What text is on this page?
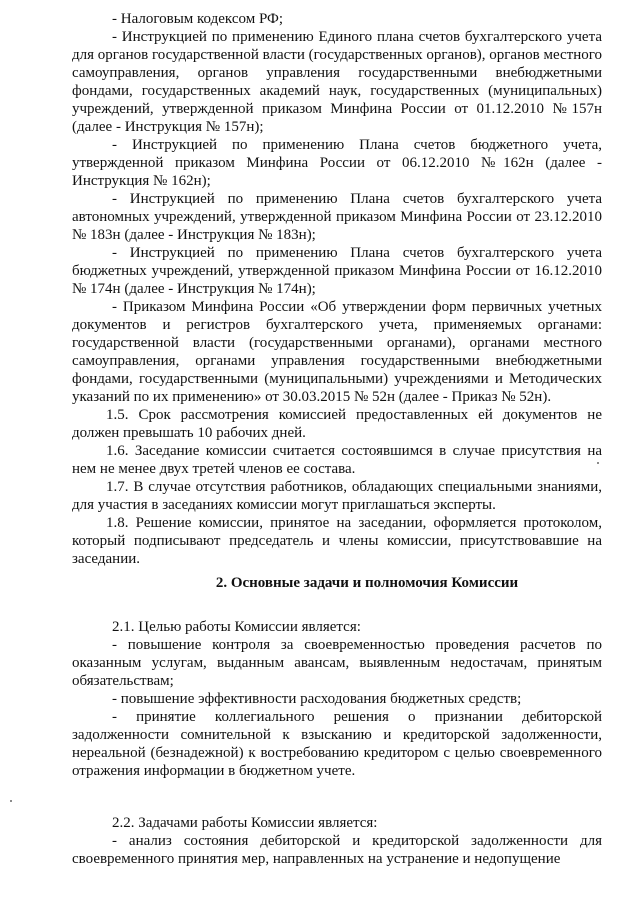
- Налоговым кодексом РФ;

- Инструкцией по применению Единого плана счетов бухгалтерского учета для органов государственной власти (государственных органов), органов местного самоуправления, органов управления государственными внебюджетными фондами, государственных академий наук, государственных (муниципальных) учреждений, утвержденной приказом Минфина России от 01.12.2010 №157н (далее - Инструкция № 157н);

- Инструкцией по применению Плана счетов бюджетного учета, утвержденной приказом Минфина России от 06.12.2010 №162н (далее - Инструкция № 162н);

- Инструкцией по применению Плана счетов бухгалтерского учета автономных учреждений, утвержденной приказом Минфина России от 23.12.2010 № 183н (далее - Инструкция № 183н);

- Инструкцией по применению Плана счетов бухгалтерского учета бюджетных учреждений, утвержденной приказом Минфина России от 16.12.2010 № 174н (далее - Инструкция № 174н);

- Приказом Минфина России «Об утверждении форм первичных учетных документов и регистров бухгалтерского учета, применяемых органами: государственной власти (государственными органами), органами местного самоуправления, органами управления государственными внебюджетными фондами, государственными (муниципальными) учреждениями и Методических указаний по их применению» от 30.03.2015 № 52н (далее - Приказ № 52н).

1.5. Срок рассмотрения комиссией предоставленных ей документов не должен превышать 10 рабочих дней.

1.6. Заседание комиссии считается состоявшимся в случае присутствия на нем не менее двух третей членов ее состава.

1.7. В случае отсутствия работников, обладающих специальными знаниями, для участия в заседаниях комиссии могут приглашаться эксперты.

1.8. Решение комиссии, принятое на заседании, оформляется протоколом, который подписывают председатель и члены комиссии, присутствовавшие на заседании.

2. Основные задачи и полномочия Комиссии

2.1. Целью работы Комиссии является:

- повышение контроля за своевременностью проведения расчетов по оказанным услугам, выданным авансам, выявленным недостачам, принятым обязательствам;

- повышение эффективности расходования бюджетных средств;

- принятие коллегиального решения о признании дебиторской задолженности сомнительной к взысканию и кредиторской задолженности, нереальной (безнадежной) к востребованию кредитором с целью своевременного отражения информации в бюджетном учете.

2.2. Задачами работы Комиссии является:

- анализ состояния дебиторской и кредиторской задолженности для своевременного принятия мер, направленных на устранение и недопущение
